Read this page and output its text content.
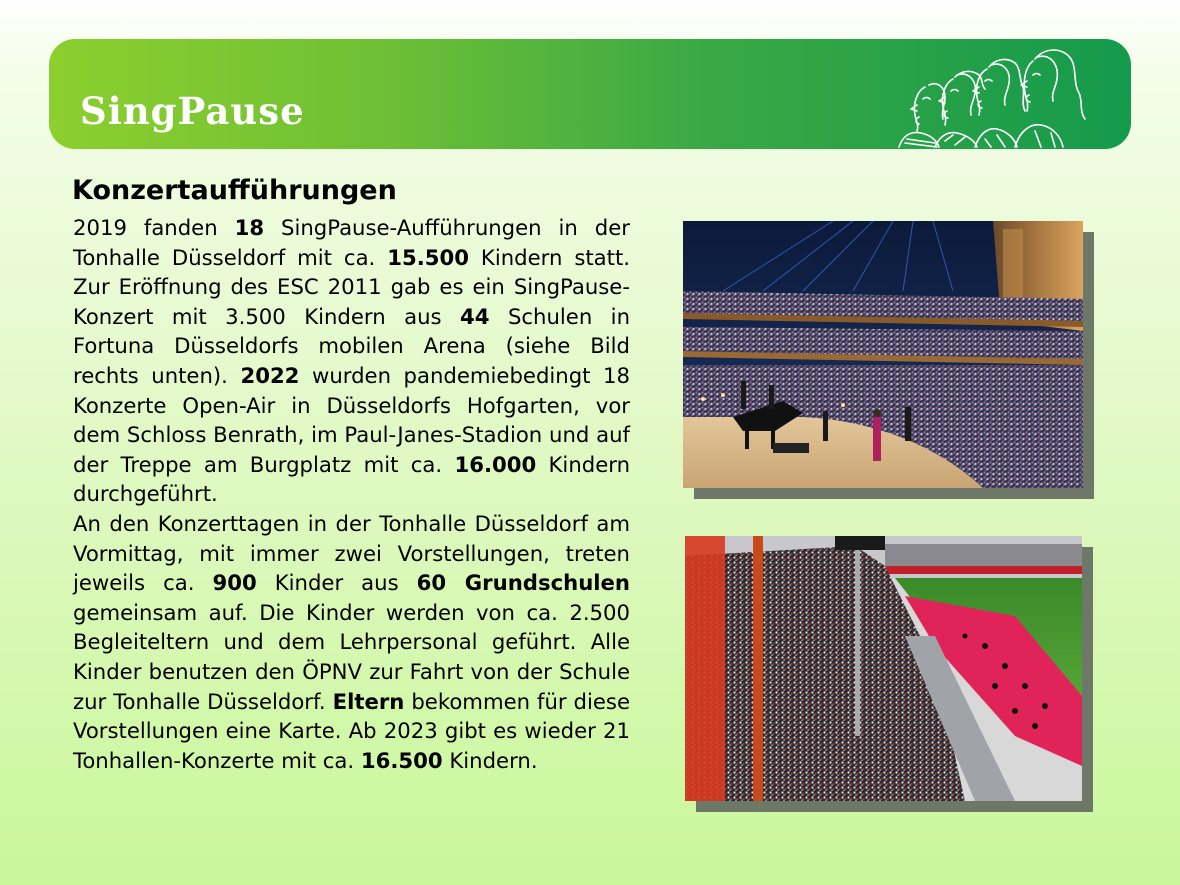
SingPause
Konzertaufführungen

2019 fanden 18 SingPause-Aufführungen in der Tonhalle Düsseldorf mit ca. 15.500 Kindern statt. Zur Eröffnung des ESC 2011 gab es ein SingPause-Konzert mit 3.500 Kindern aus 44 Schulen in Fortuna Düsseldorfs mobilen Arena (siehe Bild rechts unten). 2022 wurden pandemiebedingt 18 Konzerte Open-Air in Düsseldorfs Hofgarten, vor dem Schloss Benrath, im Paul-Janes-Stadion und auf der Treppe am Burgplatz mit ca. 16.000 Kindern durchgeführt.

An den Konzerttagen in der Tonhalle Düsseldorf am Vormittag, mit immer zwei Vorstellungen, treten jeweils ca. 900 Kinder aus 60 Grundschulen gemeinsam auf. Die Kinder werden von ca. 2.500 Begleiteltern und dem Lehrpersonal geführt. Alle Kinder benutzen den ÖPNV zur Fahrt von der Schule zur Tonhalle Düsseldorf. Eltern bekommen für diese Vorstellungen eine Karte. Ab 2023 gibt es wieder 21 Tonhallen-Konzerte mit ca. 16.500 Kindern.
